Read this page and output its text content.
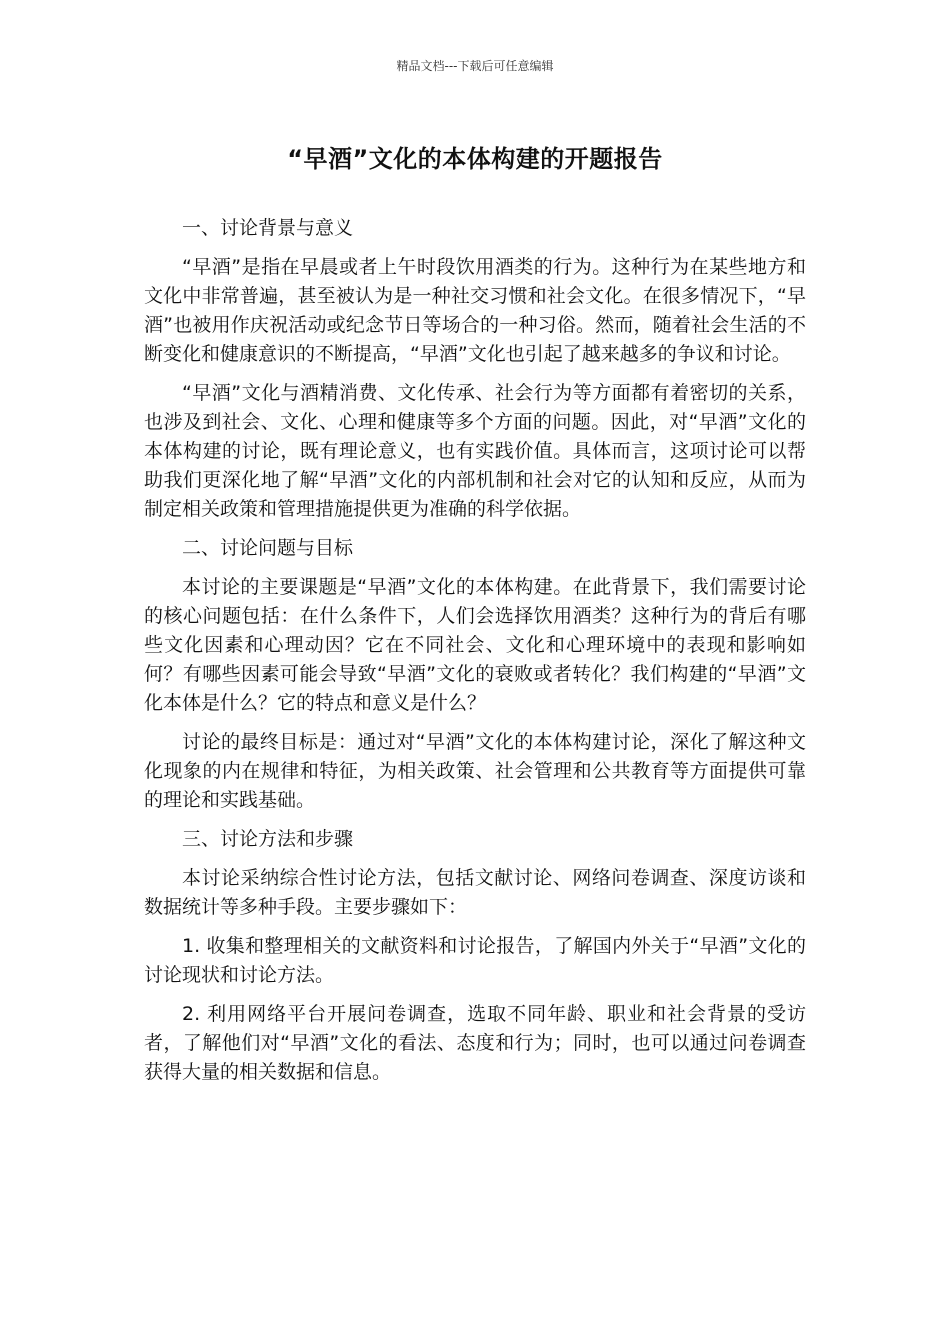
精品文档---下载后可任意编辑
“早酒”文化的本体构建的开题报告

一、讨论背景与意义

“早酒”是指在早晨或者上午时段饮用酒类的行为。这种行为在某些地方和文化中非常普遍，甚至被认为是一种社交习惯和社会文化。在很多情况下，“早酒”也被用作庆祝活动或纪念节日等场合的一种习俗。然而，随着社会生活的不断变化和健康意识的不断提高，“早酒”文化也引起了越来越多的争议和讨论。

“早酒”文化与酒精消费、文化传承、社会行为等方面都有着密切的关系，也涉及到社会、文化、心理和健康等多个方面的问题。因此，对“早酒”文化的本体构建的讨论，既有理论意义，也有实践价值。具体而言，这项讨论可以帮助我们更深化地了解“早酒”文化的内部机制和社会对它的认知和反应，从而为制定相关政策和管理措施提供更为准确的科学依据。

二、讨论问题与目标

本讨论的主要课题是“早酒”文化的本体构建。在此背景下，我们需要讨论的核心问题包括：在什么条件下，人们会选择饮用酒类？这种行为的背后有哪些文化因素和心理动因？它在不同社会、文化和心理环境中的表现和影响如何？有哪些因素可能会导致“早酒”文化的衰败或者转化？我们构建的“早酒”文化本体是什么？它的特点和意义是什么？

讨论的最终目标是：通过对“早酒”文化的本体构建讨论，深化了解这种文化现象的内在规律和特征，为相关政策、社会管理和公共教育等方面提供可靠的理论和实践基础。

三、讨论方法和步骤

本讨论采纳综合性讨论方法，包括文献讨论、网络问卷调查、深度访谈和数据统计等多种手段。主要步骤如下：

1. 收集和整理相关的文献资料和讨论报告，了解国内外关于“早酒”文化的讨论现状和讨论方法。

2. 利用网络平台开展问卷调查，选取不同年龄、职业和社会背景的受访者，了解他们对“早酒”文化的看法、态度和行为；同时，也可以通过问卷调查获得大量的相关数据和信息。
